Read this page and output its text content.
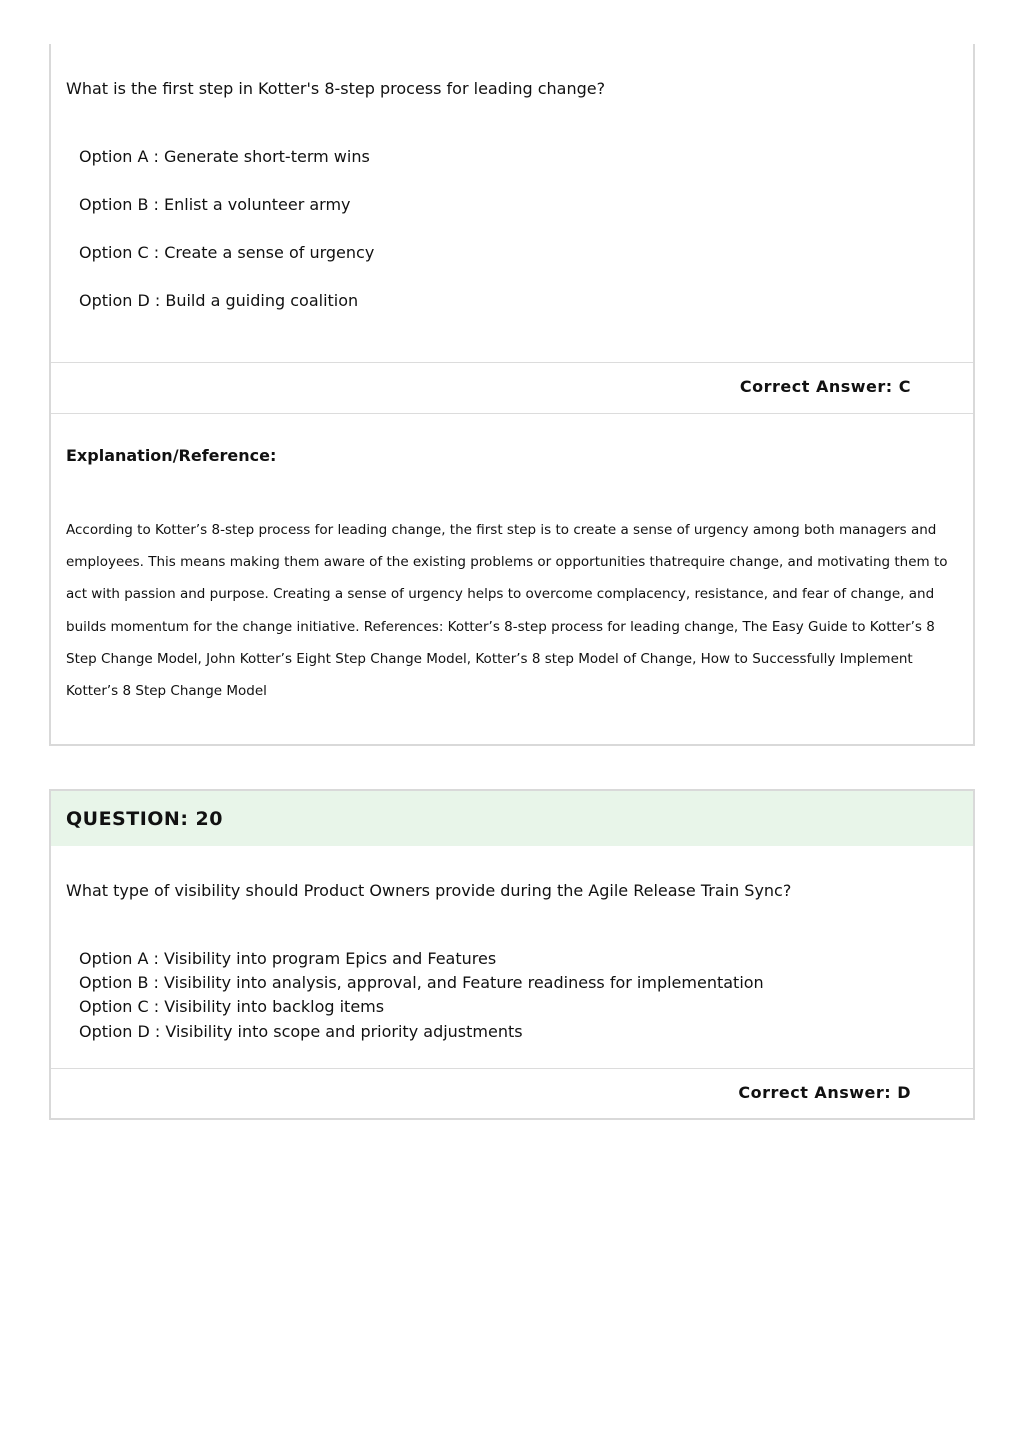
What is the first step in Kotter's 8-step process for leading change?
Option A : Generate short-term wins
Option B : Enlist a volunteer army
Option C : Create a sense of urgency
Option D : Build a guiding coalition
Correct Answer: C
Explanation/Reference:
According to Kotter’s 8-step process for leading change, the first step is to create a sense of urgency among both managers and employees. This means making them aware of the existing problems or opportunities thatrequire change, and motivating them to act with passion and purpose. Creating a sense of urgency helps to overcome complacency, resistance, and fear of change, and builds momentum for the change initiative. References: Kotter’s 8-step process for leading change, The Easy Guide to Kotter’s 8 Step Change Model, John Kotter’s Eight Step Change Model, Kotter’s 8 step Model of Change, How to Successfully Implement Kotter’s 8 Step Change Model
QUESTION: 20
What type of visibility should Product Owners provide during the Agile Release Train Sync?
Option A : Visibility into program Epics and Features
Option B : Visibility into analysis, approval, and Feature readiness for implementation
Option C : Visibility into backlog items
Option D : Visibility into scope and priority adjustments
Correct Answer: D
